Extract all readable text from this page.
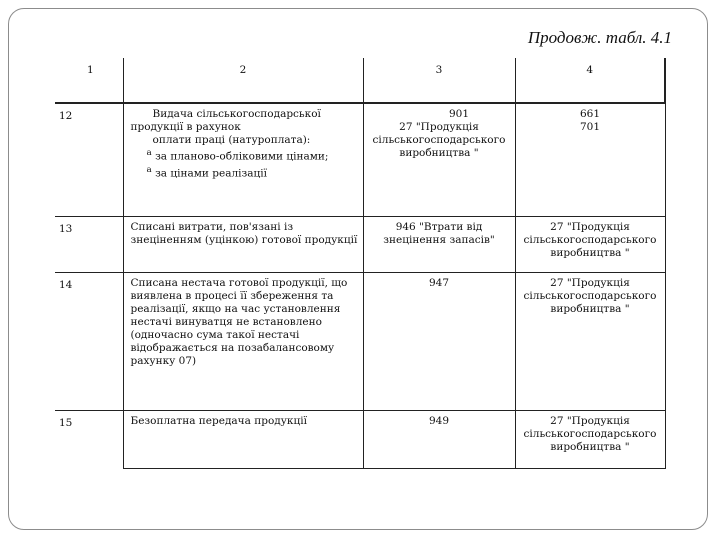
Продовж. табл. 4.1
1	2	3	4
12	Видача сільськогосподарської
продукції в рахунок
оплати праці (натуроплата):
$^a$ за планово-обліковими цінами;
$^a$ за цінами реалізації	901
27 "Продукція
сільськогосподарського
виробництва "	661
701

13	Списані витрати, пов'язані із знеціненням (уцінкою) готової продукції	946 "Втрати від знецінення запасів"	27 "Продукція сільськогосподарського виробництва "
14	Списана нестача готової продукції, що виявлена в процесі її збереження та реалізації, якщо на час установлення нестачі винуватця не встановлено (одночасно сума такої нестачі відображається на позабалансовому рахунку 07)	947	27 "Продукція сільськогосподарського виробництва "
15	Безоплатна передача продукції	949	27 "Продукція сільськогосподарського виробництва "
